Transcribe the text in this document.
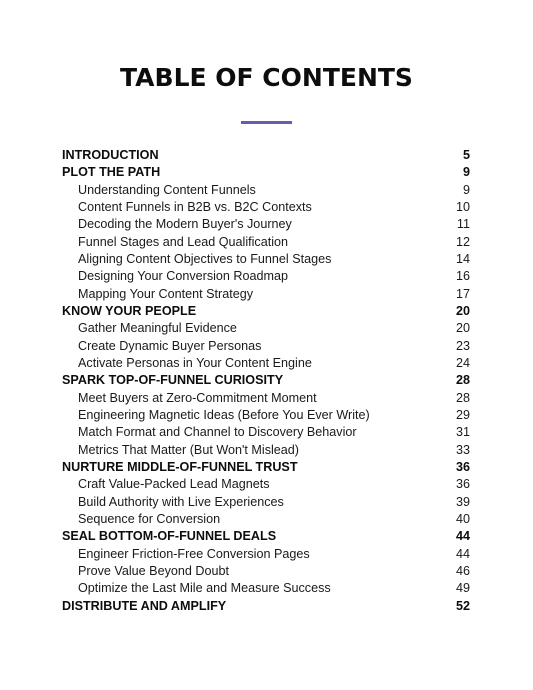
TABLE OF CONTENTS
INTRODUCTION	5
PLOT THE PATH	9
Understanding Content Funnels	9
Content Funnels in B2B vs. B2C Contexts	10
Decoding the Modern Buyer's Journey	11
Funnel Stages and Lead Qualification	12
Aligning Content Objectives to Funnel Stages	14
Designing Your Conversion Roadmap	16
Mapping Your Content Strategy	17
KNOW YOUR PEOPLE	20
Gather Meaningful Evidence	20
Create Dynamic Buyer Personas	23
Activate Personas in Your Content Engine	24
SPARK TOP-OF-FUNNEL CURIOSITY	28
Meet Buyers at Zero-Commitment Moment	28
Engineering Magnetic Ideas (Before You Ever Write)	29
Match Format and Channel to Discovery Behavior	31
Metrics That Matter (But Won't Mislead)	33
NURTURE MIDDLE-OF-FUNNEL TRUST	36
Craft Value-Packed Lead Magnets	36
Build Authority with Live Experiences	39
Sequence for Conversion	40
SEAL BOTTOM-OF-FUNNEL DEALS	44
Engineer Friction-Free Conversion Pages	44
Prove Value Beyond Doubt	46
Optimize the Last Mile and Measure Success	49
DISTRIBUTE AND AMPLIFY	52
